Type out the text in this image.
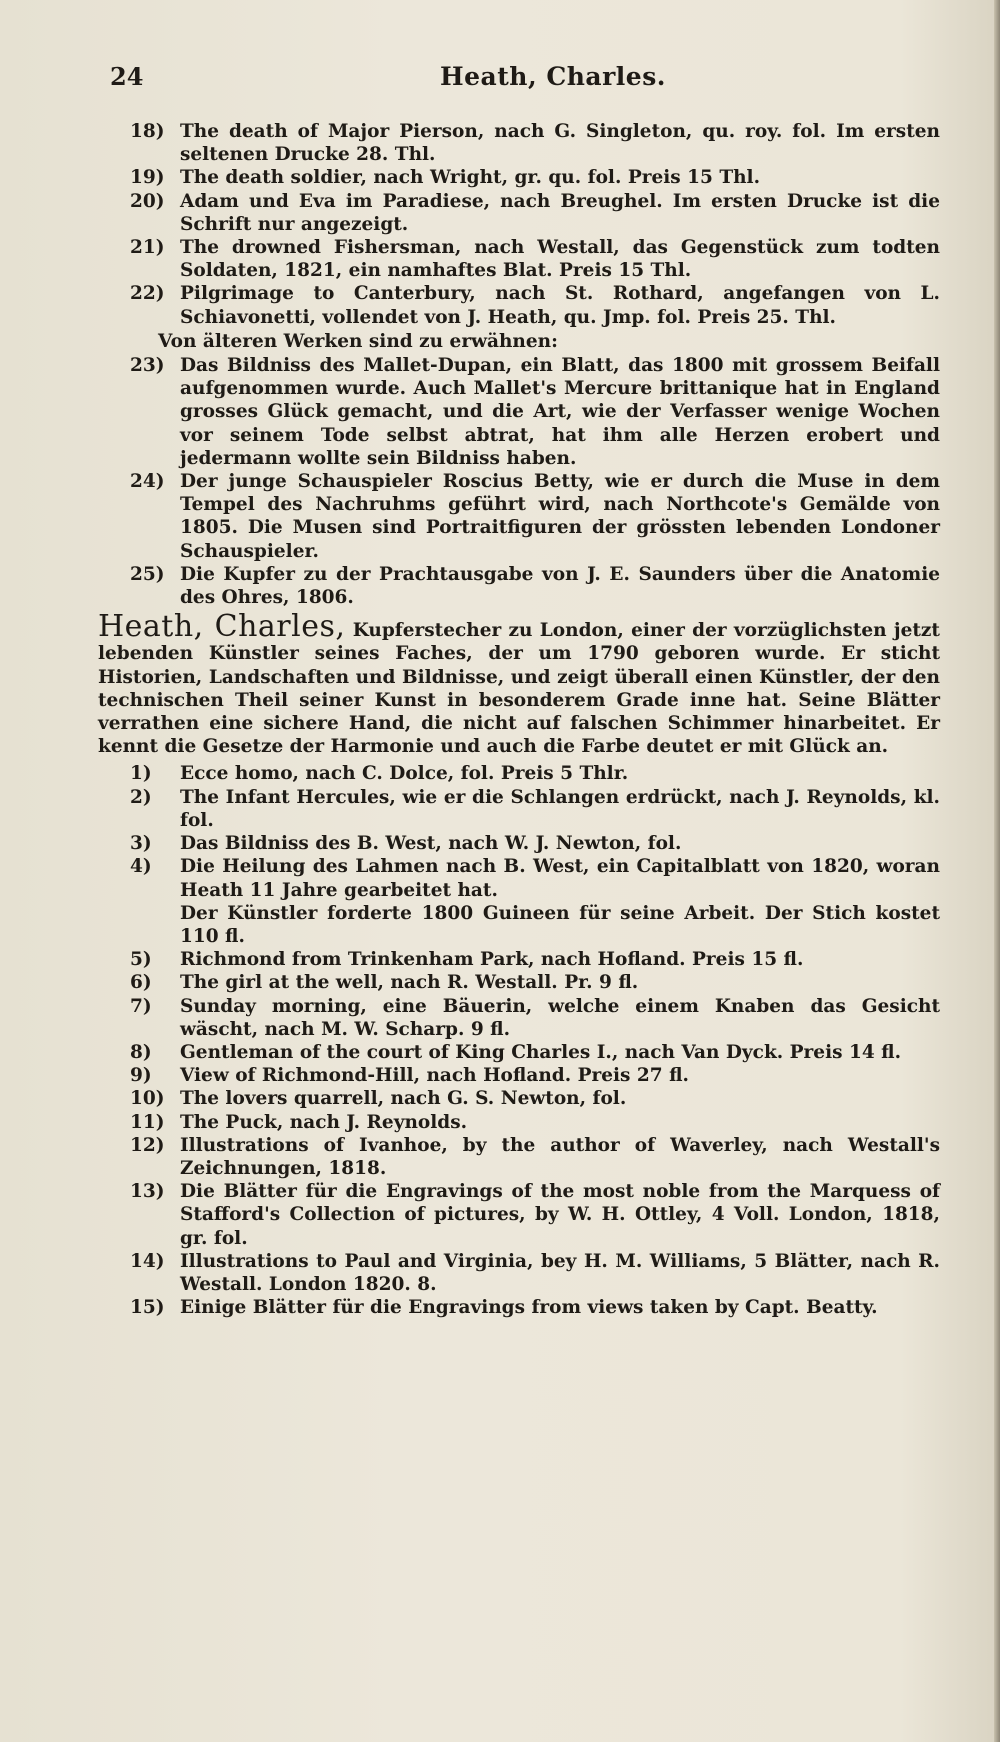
24	Heath, Charles.
18) The death of Major Pierson, nach G. Singleton, qu. roy. fol. Im ersten seltenen Drucke 28. Thl.

19) The death soldier, nach Wright, gr. qu. fol. Preis 15 Thl.

20) Adam und Eva im Paradiese, nach Breughel. Im ersten Drucke ist die Schrift nur angezeigt.

21) The drowned Fishersman, nach Westall, das Gegenstück zum todten Soldaten, 1821, ein namhaftes Blat. Preis 15 Thl.

22) Pilgrimage to Canterbury, nach St. Rothard, angefangen von L. Schiavonetti, vollendet von J. Heath, qu. Jmp. fol. Preis 25. Thl.

Von älteren Werken sind zu erwähnen:
23) Das Bildniss des Mallet-Dupan, ein Blatt, das 1800 mit grossem Beifall aufgenommen wurde. Auch Mallet's Mercure brittanique hat in England grosses Glück gemacht, und die Art, wie der Verfasser wenige Wochen vor seinem Tode selbst abtrat, hat ihm alle Herzen erobert und jedermann wollte sein Bildniss haben.

24) Der junge Schauspieler Roscius Betty, wie er durch die Muse in dem Tempel des Nachruhms geführt wird, nach Northcote's Gemälde von 1805. Die Musen sind Portraitfiguren der grössten lebenden Londoner Schauspieler.

25) Die Kupfer zu der Prachtausgabe von J. E. Saunders über die Anatomie des Ohres, 1806.

Heath, Charles, Kupferstecher zu London, einer der vorzüglichsten jetzt lebenden Künstler seines Faches, der um 1790 geboren wurde. Er sticht Historien, Landschaften und Bildnisse, und zeigt überall einen Künstler, der den technischen Theil seiner Kunst in besonderem Grade inne hat. Seine Blätter verrathen eine sichere Hand, die nicht auf falschen Schimmer hinarbeitet. Er kennt die Gesetze der Harmonie und auch die Farbe deutet er mit Glück an.

1)	Ecce homo, nach C. Dolce, fol. Preis 5 Thlr.

2)	The Infant Hercules, wie er die Schlangen erdrückt, nach J. Reynolds, kl. fol.

3)	Das Bildniss des B. West, nach W. J. Newton, fol.

4)	Die Heilung des Lahmen nach B. West, ein Capitalblatt von 1820, woran Heath 11 Jahre gearbeitet hat.

Der Künstler forderte 1800 Guineen für seine Arbeit. Der Stich kostet 110 fl.
5)	Richmond from Trinkenham Park, nach Hofland. Preis 15 fl.

6)	The girl at the well, nach R. Westall. Pr. 9 fl.

7)	Sunday morning, eine Bäuerin, welche einem Knaben das Gesicht wäscht, nach M. W. Scharp. 9 fl.

8)	Gentleman of the court of King Charles I., nach Van Dyck. Preis 14 fl.

9)	View of Richmond-Hill, nach Hofland. Preis 27 fl.

10) The lovers quarrell, nach G. S. Newton, fol.

11) The Puck, nach J. Reynolds.

12) Illustrations of Ivanhoe, by the author of Waverley, nach Westall's Zeichnungen, 1818.

13) Die Blätter für die Engravings of the most noble from the Marquess of Stafford's Collection of pictures, by W. H. Ottley, 4 Voll. London, 1818, gr. fol.

14) Illustrations to Paul and Virginia, bey H. M. Williams, 5 Blätter, nach R. Westall. London 1820. 8.

15) Einige Blätter für die Engravings from views taken by Capt. Beatty.
